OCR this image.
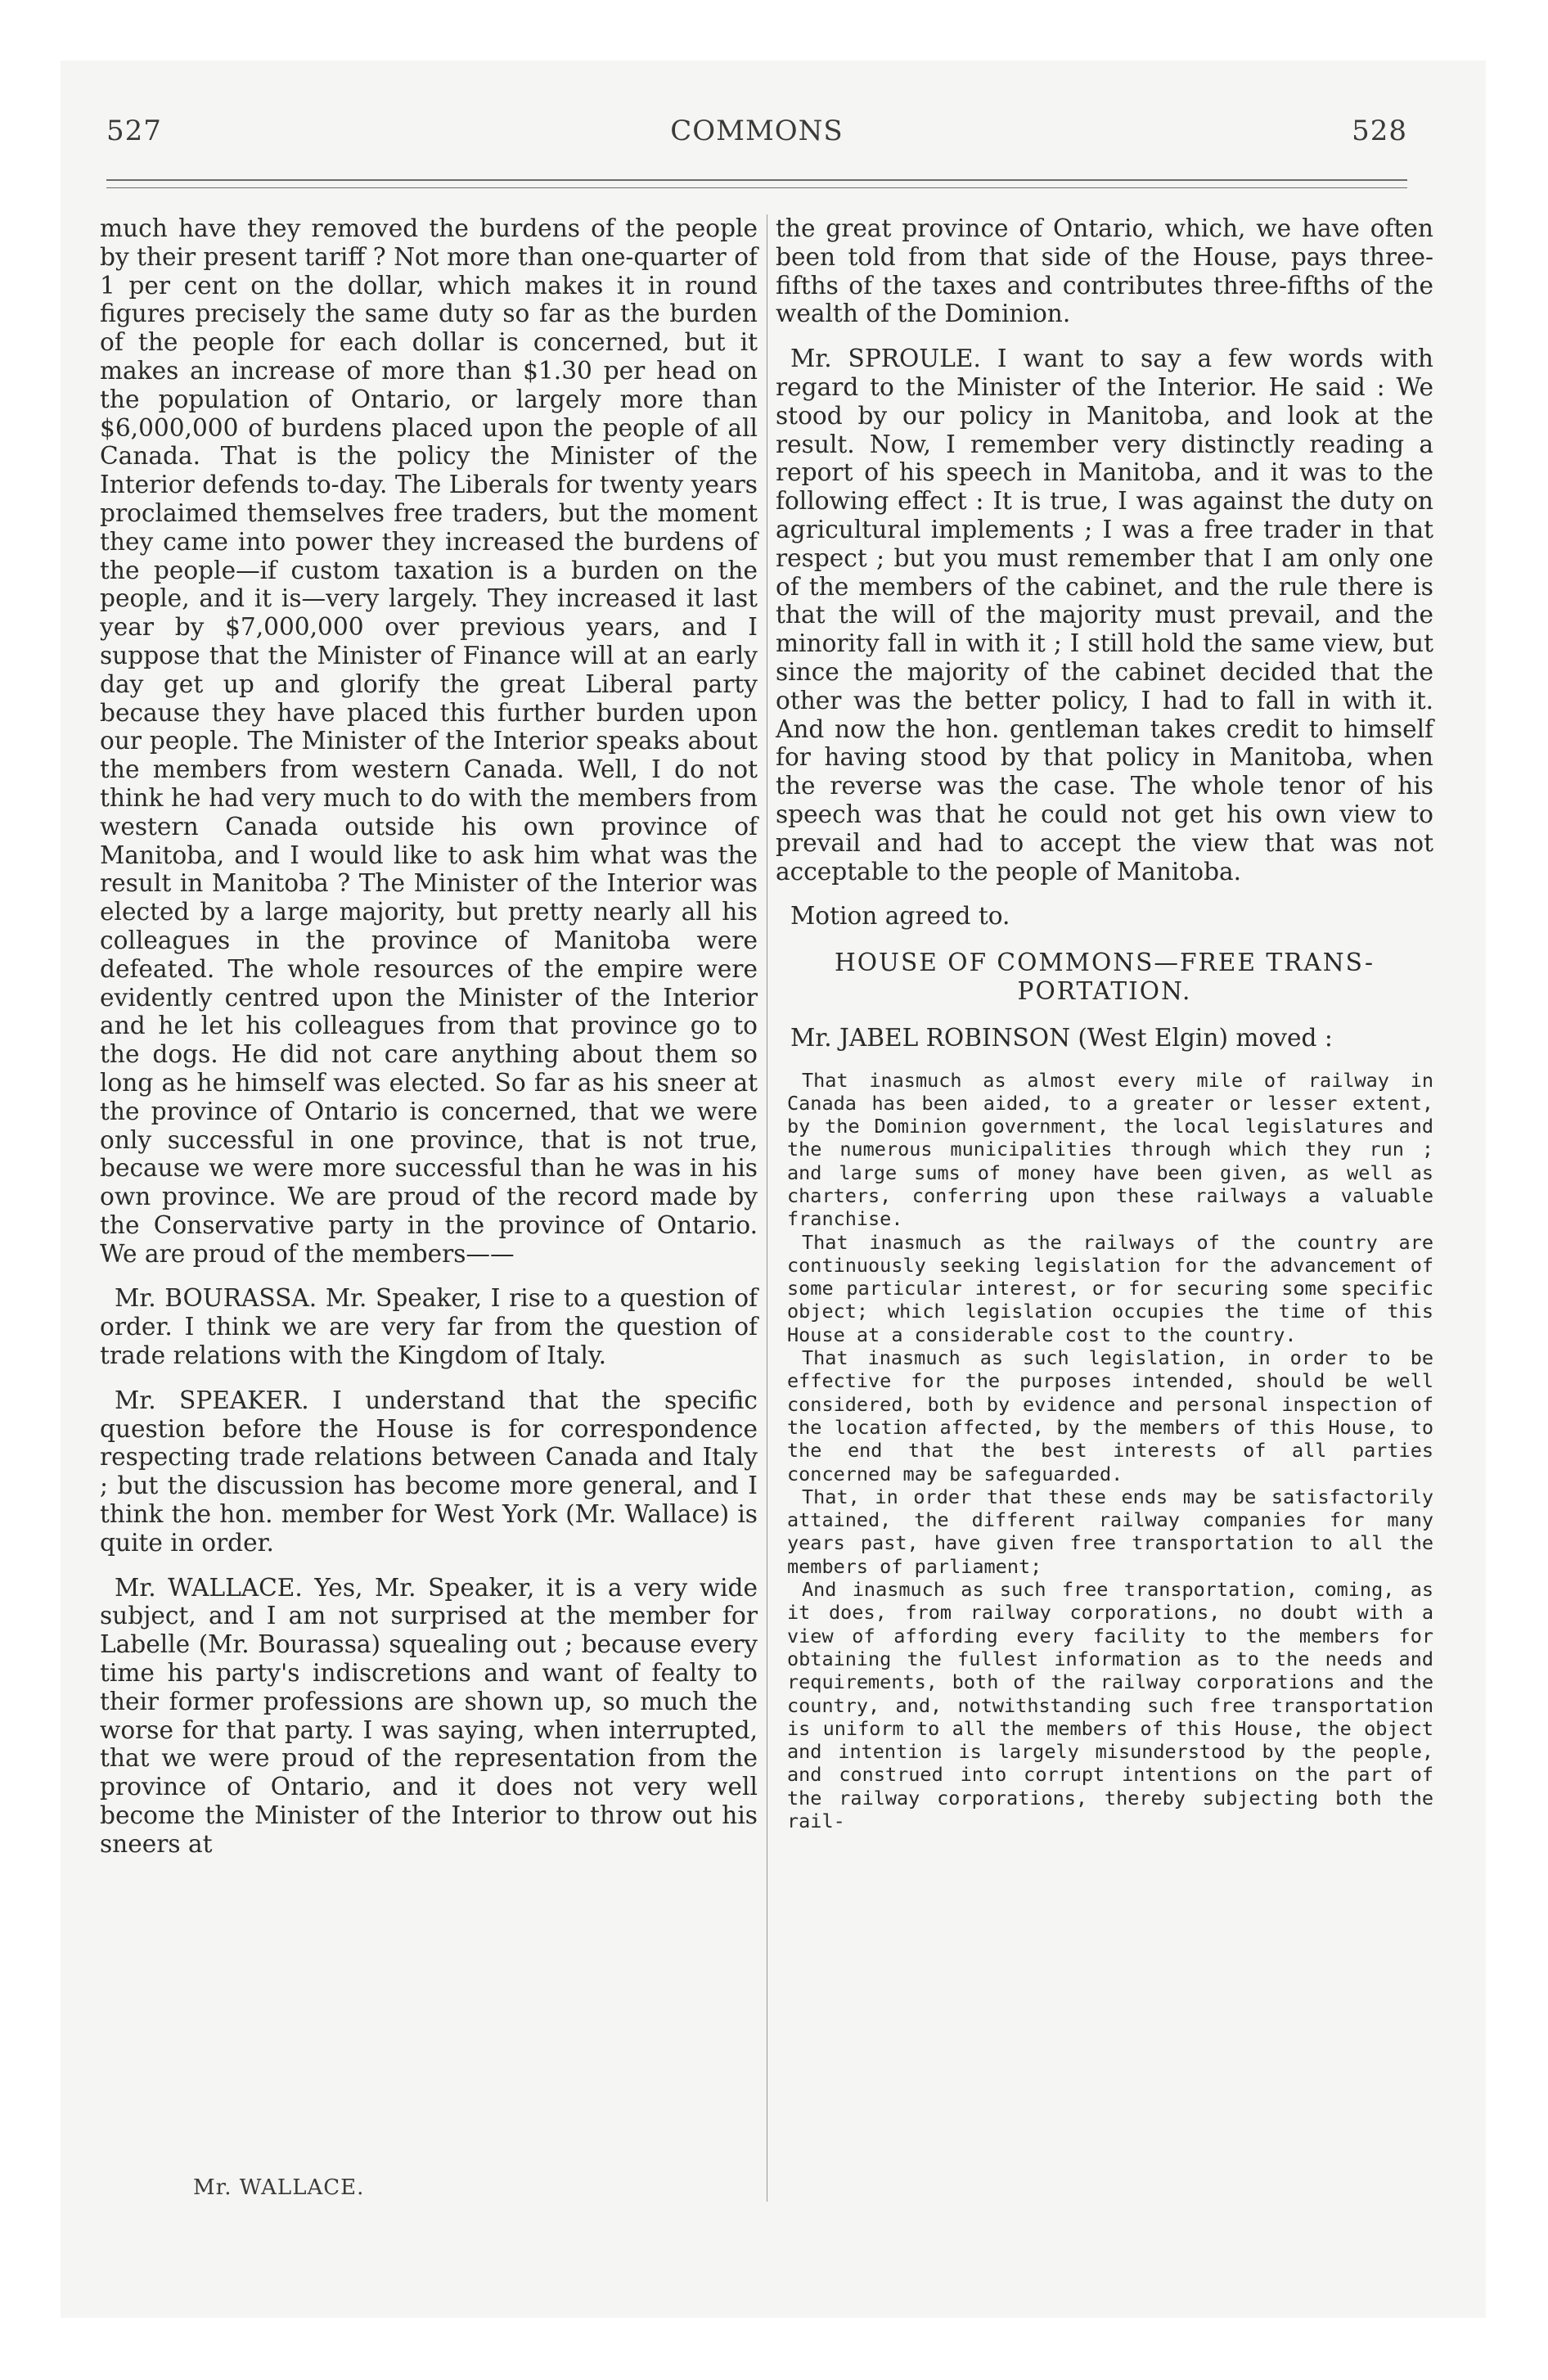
527	COMMONS	528

much have they removed the burdens of the people by their present tariff ? Not more than one-quarter of 1 per cent on the dollar, which makes it in round figures precisely the same duty so far as the burden of the people for each dollar is concerned, but it makes an increase of more than $1.30 per head on the population of Ontario, or largely more than $6,000,000 of burdens placed upon the people of all Canada. That is the policy the Minister of the Interior defends to-day. The Liberals for twenty years proclaimed themselves free traders, but the moment they came into power they increased the burdens of the people—if custom taxation is a burden on the people, and it is—very largely. They increased it last year by $7,000,000 over previous years, and I suppose that the Minister of Finance will at an early day get up and glorify the great Liberal party because they have placed this further burden upon our people. The Minister of the Interior speaks about the members from western Canada. Well, I do not think he had very much to do with the members from western Canada outside his own province of Manitoba, and I would like to ask him what was the result in Manitoba ? The Minister of the Interior was elected by a large majority, but pretty nearly all his colleagues in the province of Manitoba were defeated. The whole resources of the empire were evidently centred upon the Minister of the Interior and he let his colleagues from that province go to the dogs. He did not care anything about them so long as he himself was elected. So far as his sneer at the province of Ontario is concerned, that we were only successful in one province, that is not true, because we were more successful than he was in his own province. We are proud of the record made by the Conservative party in the province of Ontario. We are proud of the members——

Mr. BOURASSA. Mr. Speaker, I rise to a question of order. I think we are very far from the question of trade relations with the Kingdom of Italy.

Mr. SPEAKER. I understand that the specific question before the House is for correspondence respecting trade relations between Canada and Italy ; but the discussion has become more general, and I think the hon. member for West York (Mr. Wallace) is quite in order.

Mr. WALLACE. Yes, Mr. Speaker, it is a very wide subject, and I am not surprised at the member for Labelle (Mr. Bourassa) squealing out ; because every time his party's indiscretions and want of fealty to their former professions are shown up, so much the worse for that party. I was saying, when interrupted, that we were proud of the representation from the province of Ontario, and it does not very well become the Minister of the Interior to throw out his sneers at

the great province of Ontario, which, we have often been told from that side of the House, pays three-fifths of the taxes and contributes three-fifths of the wealth of the Dominion.

Mr. SPROULE. I want to say a few words with regard to the Minister of the Interior. He said : We stood by our policy in Manitoba, and look at the result. Now, I remember very distinctly reading a report of his speech in Manitoba, and it was to the following effect : It is true, I was against the duty on agricultural implements ; I was a free trader in that respect ; but you must remember that I am only one of the members of the cabinet, and the rule there is that the will of the majority must prevail, and the minority fall in with it ; I still hold the same view, but since the majority of the cabinet decided that the other was the better policy, I had to fall in with it. And now the hon. gentleman takes credit to himself for having stood by that policy in Manitoba, when the reverse was the case. The whole tenor of his speech was that he could not get his own view to prevail and had to accept the view that was not acceptable to the people of Manitoba.

Motion agreed to.

HOUSE OF COMMONS—FREE TRANS-
PORTATION.

Mr. JABEL ROBINSON (West Elgin) moved :

That inasmuch as almost every mile of railway in Canada has been aided, to a greater or lesser extent, by the Dominion government, the local legislatures and the numerous municipalities through which they run ; and large sums of money have been given, as well as charters, conferring upon these railways a valuable franchise.

That inasmuch as the railways of the country are continuously seeking legislation for the advancement of some particular interest, or for securing some specific object; which legislation occupies the time of this House at a considerable cost to the country.

That inasmuch as such legislation, in order to be effective for the purposes intended, should be well considered, both by evidence and personal inspection of the location affected, by the members of this House, to the end that the best interests of all parties concerned may be safeguarded.

That, in order that these ends may be satisfactorily attained, the different railway companies for many years past, have given free transportation to all the members of parliament;

And inasmuch as such free transportation, coming, as it does, from railway corporations, no doubt with a view of affording every facility to the members for obtaining the fullest information as to the needs and requirements, both of the railway corporations and the country, and, notwithstanding such free transportation is uniform to all the members of this House, the object and intention is largely misunderstood by the people, and construed into corrupt intentions on the part of the railway corporations, thereby subjecting both the rail-

Mr. WALLACE.
